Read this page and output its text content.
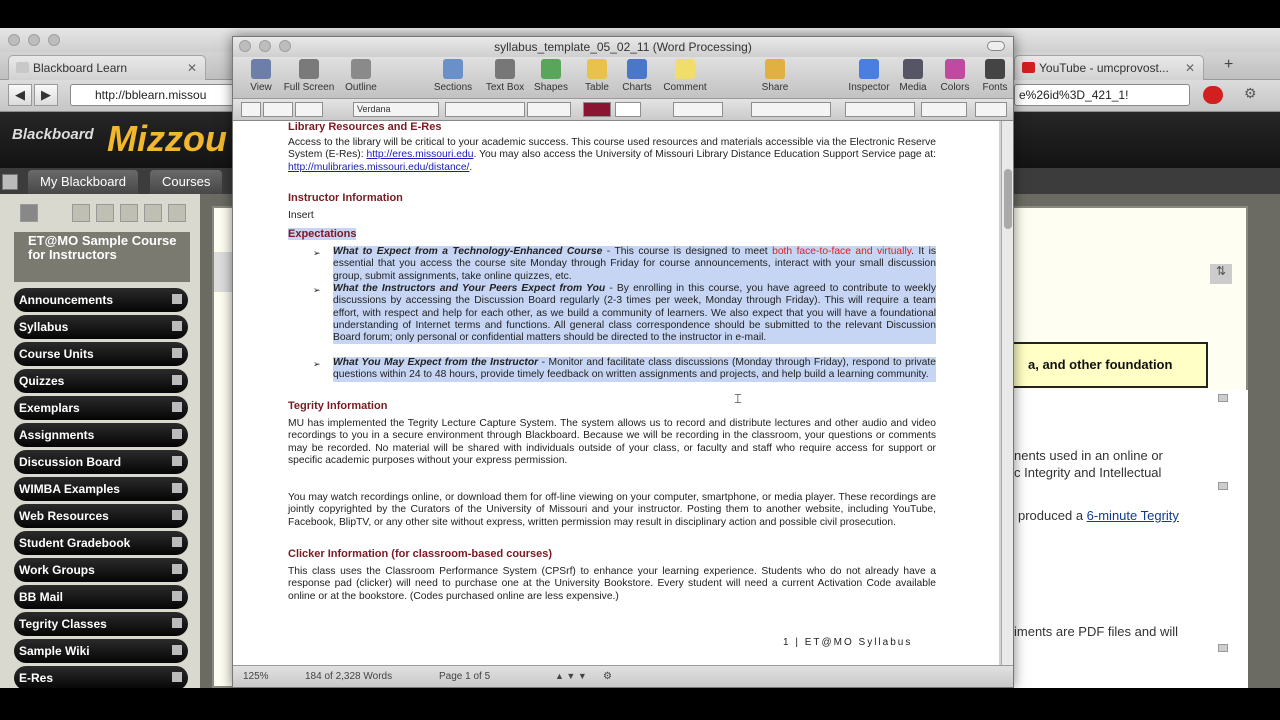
Blackboard Learn	✕	YouTube - umcprovost... ✕ +
◀	▶	http://bblearn.missou	e%26id%3D_421_1!	⚙
Blackboard Mizzou
My Blackboard	Courses
ET@MO Sample Course for Instructors
Announcements
Syllabus
Course Units
Quizzes
Exemplars
Assignments
Discussion Board
WIMBA Examples
Web Resources
Student Gradebook
Work Groups
BB Mail
Tegrity Classes
Sample Wiki
E-Res
⇅
a, and other foundation
nents used in an online or
c Integrity and Intellectual
produced a 6-minute Tegrity
iments are PDF files and will
syllabus_template_05_02_11 (Word Processing)
View	Full Screen	Outline	Sections	Text Box Shapes	Table	Charts	Comment	Share	Inspector Media	Colors	Fonts
Verdana
Library Resources and E-Res
Access to the library will be critical to your academic success. This course used resources and materials accessible via the Electronic Reserve System (E-Res): http://eres.missouri.edu. You may also access the University of Missouri Library Distance Education Support Service page at: http://mulibraries.missouri.edu/distance/.
Instructor Information
Insert
Expectations
➢ What to Expect from a Technology-Enhanced Course - This course is designed to meet both face-to-face and virtually. It is essential that you access the course site Monday through Friday for course announcements, interact with your small discussion group, submit assignments, take online quizzes, etc.
➢ What the Instructors and Your Peers Expect from You - By enrolling in this course, you have agreed to contribute to weekly discussions by accessing the Discussion Board regularly (2-3 times per week, Monday through Friday). This will require a team effort, with respect and help for each other, as we build a community of learners. We also expect that you will have a foundational understanding of Internet terms and functions. All general class correspondence should be submitted to the relevant Discussion Board forum; only personal or confidential matters should be directed to the instructor in e-mail.
➢ What You May Expect from the Instructor - Monitor and facilitate class discussions (Monday through Friday), respond to private questions within 24 to 48 hours, provide timely feedback on written assignments and projects, and help build a learning community.
⌶
Tegrity Information
MU has implemented the Tegrity Lecture Capture System. The system allows us to record and distribute lectures and other audio and video recordings to you in a secure environment through Blackboard. Because we will be recording in the classroom, your questions or comments may be recorded. No material will be shared with individuals outside of your class, or faculty and staff who require access for support or specific academic purposes without your express permission.
You may watch recordings online, or download them for off-line viewing on your computer, smartphone, or media player. These recordings are jointly copyrighted by the Curators of the University of Missouri and your instructor. Posting them to another website, including YouTube, Facebook, BlipTV, or any other site without express, written permission may result in disciplinary action and possible civil prosecution.
Clicker Information (for classroom-based courses)
This class uses the Classroom Performance System (CPSrf) to enhance your learning experience. Students who do not already have a response pad (clicker) will need to purchase one at the University Bookstore. Every student will need a current Activation Code available online or at the bookstore. (Codes purchased online are less expensive.)
1 | ET@MO Syllabus
125%	184 of 2,328 Words	Page 1 of 5	▲ ▼ ▼ ⚙
